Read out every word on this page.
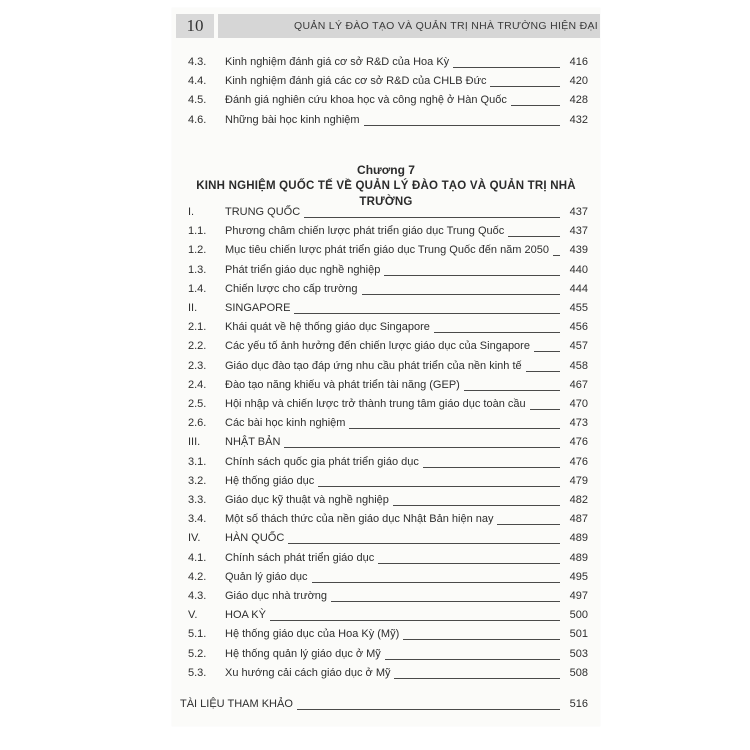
10	QUẢN LÝ ĐÀO TẠO VÀ QUẢN TRỊ NHÀ TRƯỜNG HIỆN ĐẠI
4.3.	Kinh nghiệm đánh giá cơ sở R&D của Hoa Kỳ	416
4.4.	Kinh nghiệm đánh giá các cơ sở R&D của CHLB Đức	420
4.5.	Đánh giá nghiên cứu khoa học và công nghệ ở Hàn Quốc	428
4.6.	Những bài học kinh nghiệm	432
Chương 7
KINH NGHIỆM QUỐC TẾ VỀ QUẢN LÝ ĐÀO TẠO VÀ QUẢN TRỊ NHÀ TRƯỜNG
I.	TRUNG QUỐC	437
1.1.	Phương châm chiến lược phát triển giáo dục Trung Quốc	437
1.2.	Mục tiêu chiến lược phát triển giáo dục Trung Quốc đến năm 2050	439
1.3.	Phát triển giáo dục nghề nghiệp	440
1.4.	Chiến lược cho cấp trường	444
II.	SINGAPORE	455
2.1.	Khái quát về hệ thống giáo dục Singapore	456
2.2.	Các yếu tố ảnh hưởng đến chiến lược giáo dục của Singapore	457
2.3.	Giáo dục đào tạo đáp ứng nhu cầu phát triển của nền kinh tế	458
2.4.	Đào tạo năng khiếu và phát triển tài năng (GEP)	467
2.5.	Hội nhập và chiến lược trở thành trung tâm giáo dục toàn cầu	470
2.6.	Các bài học kinh nghiệm	473
III.	NHẬT BẢN	476
3.1.	Chính sách quốc gia phát triển giáo dục	476
3.2.	Hệ thống giáo dục	479
3.3.	Giáo dục kỹ thuật và nghề nghiệp	482
3.4.	Một số thách thức của nền giáo dục Nhật Bản hiện nay	487
IV.	HÀN QUỐC	489
4.1.	Chính sách phát triển giáo dục	489
4.2.	Quản lý giáo dục	495
4.3.	Giáo dục nhà trường	497
V.	HOA KỲ	500
5.1.	Hệ thống giáo dục của Hoa Kỳ (Mỹ)	501
5.2.	Hệ thống quản lý giáo dục ở Mỹ	503
5.3.	Xu hướng cải cách giáo dục ở Mỹ	508
TÀI LIỆU THAM KHẢO	516
